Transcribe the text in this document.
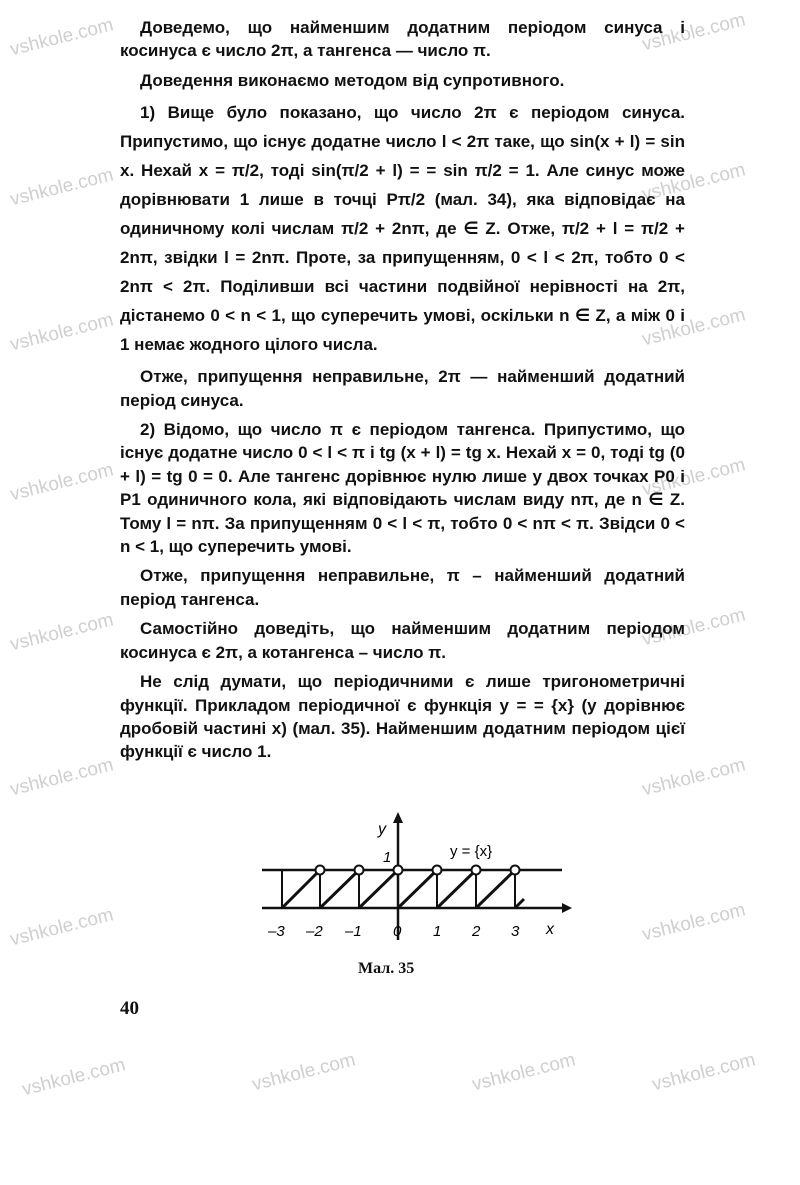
vshkole.com	vshkole.com
vshkole.com	vshkole.com
vshkole.com	vshkole.com
vshkole.com	vshkole.com
vshkole.com	vshkole.com
vshkole.com	vshkole.com
vshkole.com	vshkole.com
vshkole.com	vshkole.com	vshkole.com	vshkole.com

Доведемо, що найменшим додатним періодом синуса і косинуса є число 2π, а тангенса — число π.

Доведення виконаємо методом від супротивного.

1) Вище було показано, що число 2π є періодом синуса. Припустимо, що існує додатне число l < 2π таке, що sin(x + l) = sin x. Нехай x = π/2, тоді sin(π/2 + l) = = sin π/2 = 1. Але синус може дорівнювати 1 лише в точці Pπ/2 (мал. 34), яка відповідає на одиничному колі числам π/2 + 2nπ, де ∈ Z. Отже, π/2 + l = π/2 + 2nπ, звідки l = 2nπ. Проте, за припущенням, 0 < l < 2π, тобто 0 < 2nπ < 2π. Поділивши всі частини подвійної нерівності на 2π, дістанемо 0 < n < 1, що суперечить умові, оскільки n ∈ Z, а між 0 і 1 немає жодного цілого числа.

Отже, припущення неправильне, 2π — найменший додатний період синуса.

2) Відомо, що число π є періодом тангенса. Припустимо, що існує додатне число 0 < l < π і tg (x + l) = tg x. Нехай x = 0, тоді tg (0 + l) = tg 0 = 0. Але тангенс дорівнює нулю лише у двох точках P0 і P1 одиничного кола, які відповідають числам виду nπ, де n ∈ Z. Тому l = nπ. За припущенням 0 < l < π, тобто 0 < nπ < π. Звідси 0 < n < 1, що суперечить умові.

Отже, припущення неправильне, π – найменший додатний період тангенса.

Самостійно доведіть, що найменшим додатним періодом косинуса є 2π, а котангенса – число π.

Не слід думати, що періодичними є лише тригонометричні функції. Прикладом періодичної є функція y = = {x} (y дорівнює дробовій частині x) (мал. 35). Найменшим додатним періодом цієї функції є число 1.

y
1	y = {x}
x
–3 –2 –1 0 1 2 3
Мал. 35
40
